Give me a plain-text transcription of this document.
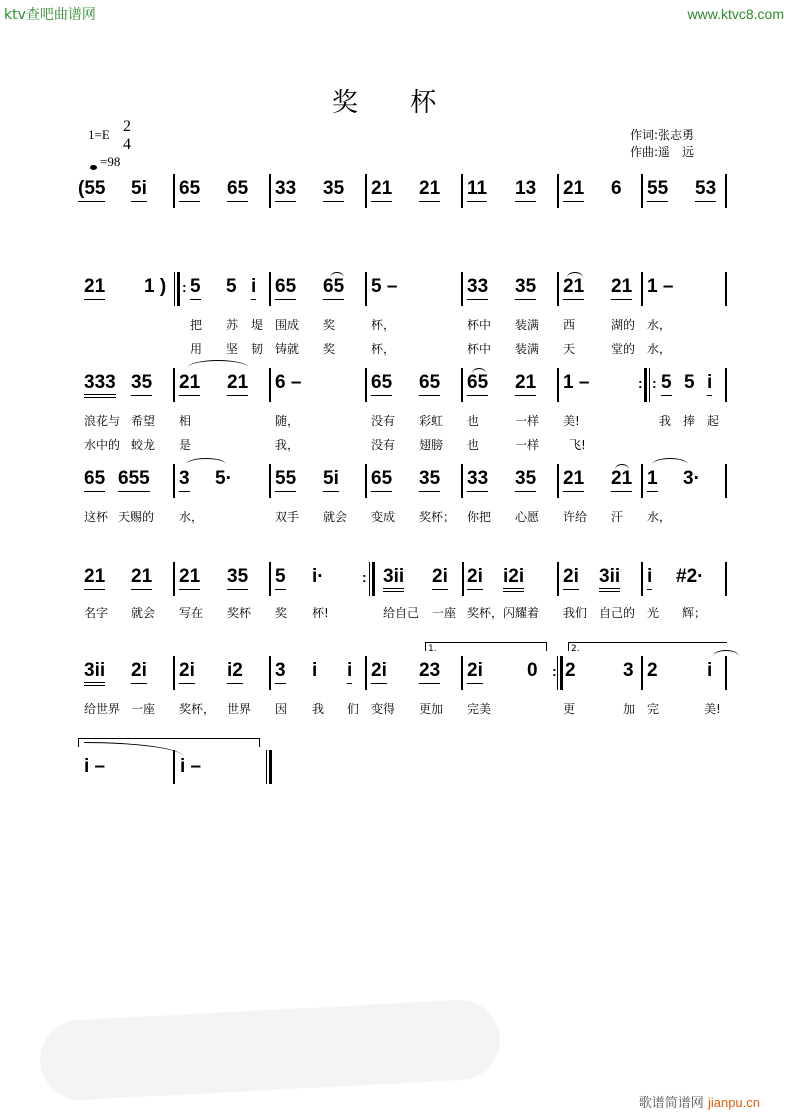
ktv查吧曲谱网	www.ktvc8.com
奖 杯
1=E 2
4
=98
作词:张志勇
作曲:遥　远
(55 5i 65 65 33 35 21 21 11 13 21 6 55 53
21 1 ) : 5 5 i 65 65 5 –	33 35 21 21 1 –
把 苏 堤 围成 奖	杯，	杯中 装满 西	湖的 水，
用 坚 韧 铸就 奖	杯，	杯中 装满 天	堂的 水，
333 35 21 21 6 –	65 65 65 21 1 –	: : 5 5 i
浪花与 希望 相	随，	没有 彩虹 也	一样 美!	我 捧 起
水中的 蛟龙 是	我，	没有 翅膀 也	一样 飞!
65 655 3 5· 55 5i 65 35 33 35 21 21 1 3·
这杯 天赐的 水，	双手 就会 变成 奖杯； 你把 心愿 许给 汗 水，
21 21 21 35 5 i·	: 3ii 2i 2i i2i 2i 3ii i #2·
名字 就会 写在 奖杯 奖 杯!	给自己 一座 奖杯，闪耀着 我们 自己的 光 辉；
1.	2.
3ii 2i 2i i2 3 i i 2i 23 2i 0 : 2 3 2	i
给世界 一座 奖杯， 世界 因 我 们 变得 更加 完美	更	加 完	美!
i –	i –
歌谱简谱网 jianpu.cn
